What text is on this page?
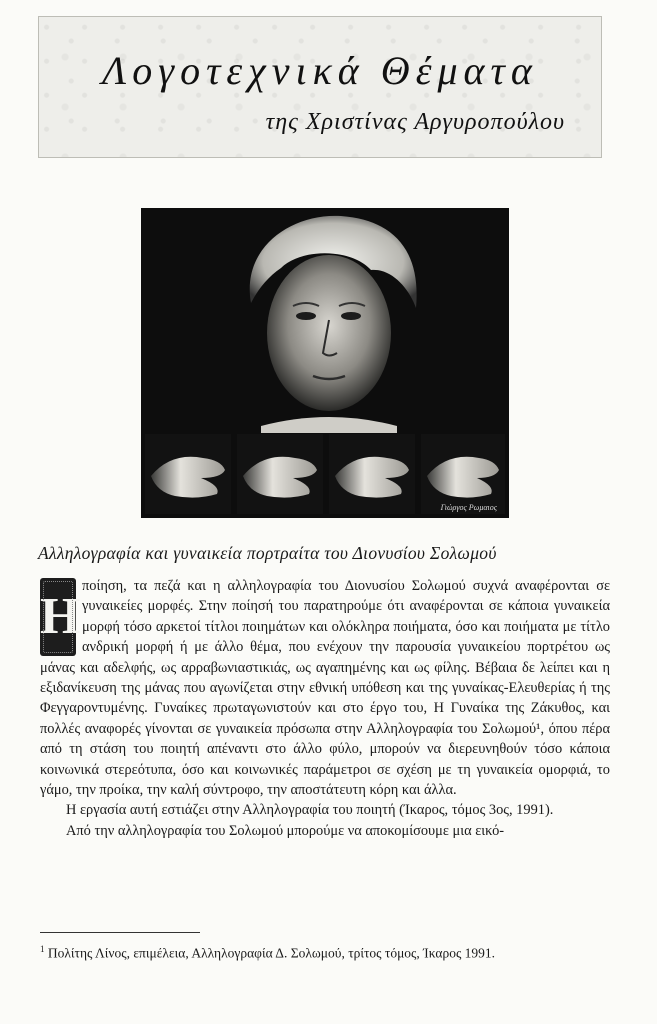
Λογοτεχνικά Θέματα
της Χριστίνας Αργυροπούλου
Γιώργος Ρωμαιος
Αλληλογραφία και γυναικεία πορτραίτα του Διονυσίου Σολωμού

Η
ποίηση, τα πεζά και η αλληλογραφία του Διονυσίου Σολωμού συχνά αναφέρονται σε γυναικείες μορφές. Στην ποίησή του παρατηρούμε ότι αναφέρονται σε κάποια γυναικεία μορφή τόσο αρκετοί τίτλοι ποιημάτων και ολόκληρα ποιήματα, όσο και ποιήματα με τίτλο ανδρική μορφή ή με άλλο θέμα, που ενέχουν την παρουσία γυναικείου πορτρέτου ως μάνας και αδελφής, ως αρραβωνιαστικιάς, ως αγαπημένης και ως φίλης. Βέβαια δε λείπει και η εξιδανίκευση της μάνας που αγωνίζεται στην εθνική υπόθεση και της γυναίκας-Ελευθερίας ή της Φεγγαροντυμένης. Γυναίκες πρωταγωνιστούν και στο έργο του, Η Γυναίκα της Ζάκυθος, και πολλές αναφορές γίνονται σε γυναικεία πρόσωπα στην Αλληλογραφία του Σολωμού¹, όπου πέρα από τη στάση του ποιητή απέναντι στο άλλο φύλο, μπορούν να διερευνηθούν τόσο κάποια κοινωνικά στερεότυπα, όσο και κοινωνικές παράμετροι σε σχέση με τη γυναικεία ομορφιά, το γάμο, την προίκα, την καλή σύντροφο, την αποστάτευτη κόρη και άλλα.

Η εργασία αυτή εστιάζει στην Αλληλογραφία του ποιητή (Ίκαρος, τόμος 3ος, 1991).

Από την αλληλογραφία του Σολωμού μπορούμε να αποκομίσουμε μια εικό-

$^1$ Πολίτης Λίνος, επιμέλεια, Αλληλογραφία Δ. Σολωμού, τρίτος τόμος, Ίκαρος 1991.
